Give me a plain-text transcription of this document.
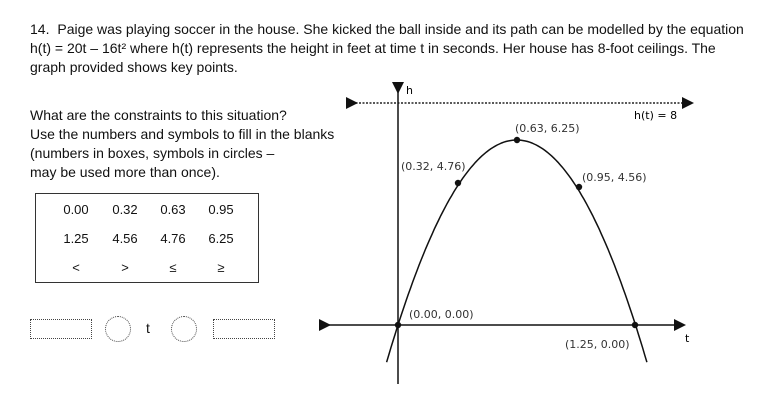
14. Paige was playing soccer in the house. She kicked the ball inside and its path can be modelled by the equation
h(t) = 20t – 16t² where h(t) represents the height in feet at time t in seconds. Her house has 8-foot ceilings. The
graph provided shows key points.
What are the constraints to this situation?
Use the numbers and symbols to fill in the blanks
(numbers in boxes, symbols in circles –
may be used more than once).
0.00	0.32	0.63	0.95
1.25	4.56	4.76	6.25
<	>	≤	≥
t
h(t) = 8
h
t
(0.00, 0.00)
(0.32, 4.76)
(0.63, 6.25)
(0.95, 4.56)
(1.25, 0.00)
